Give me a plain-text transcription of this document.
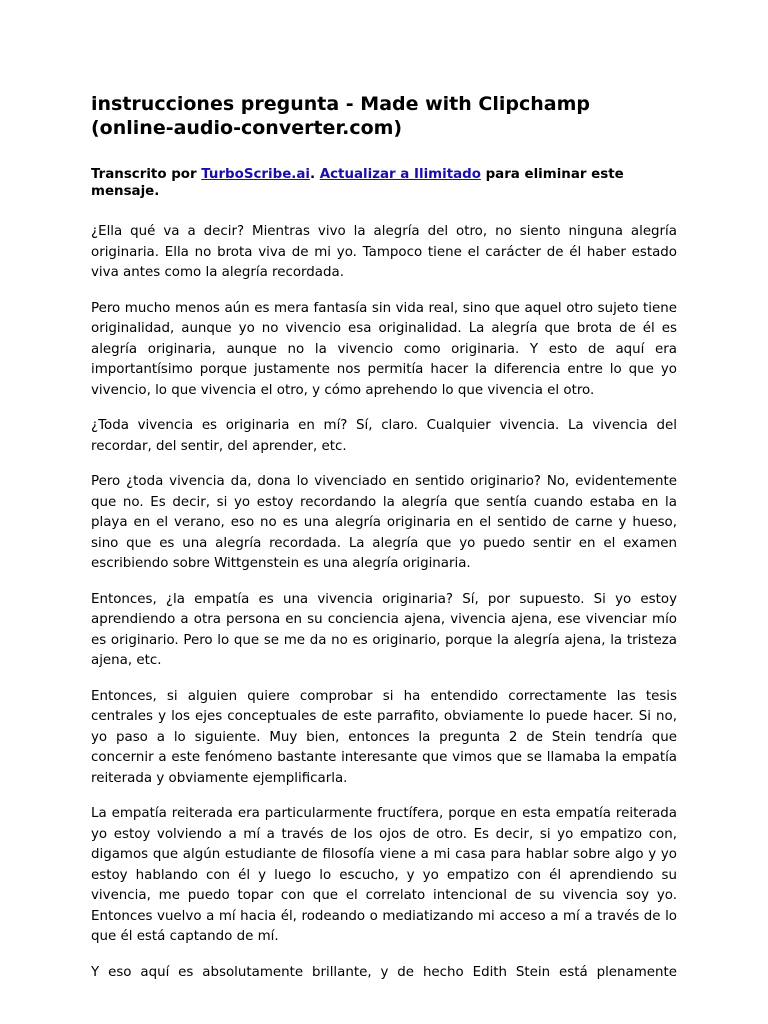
instrucciones pregunta - Made with Clipchamp (online-audio-converter.com)

Transcrito por TurboScribe.ai. Actualizar a Ilimitado para eliminar este mensaje.

¿Ella qué va a decir? Mientras vivo la alegría del otro, no siento ninguna alegría originaria. Ella no brota viva de mi yo. Tampoco tiene el carácter de él haber estado viva antes como la alegría recordada.

Pero mucho menos aún es mera fantasía sin vida real, sino que aquel otro sujeto tiene originalidad, aunque yo no vivencio esa originalidad. La alegría que brota de él es alegría originaria, aunque no la vivencio como originaria. Y esto de aquí era importantísimo porque justamente nos permitía hacer la diferencia entre lo que yo vivencio, lo que vivencia el otro, y cómo aprehendo lo que vivencia el otro.

¿Toda vivencia es originaria en mí? Sí, claro. Cualquier vivencia. La vivencia del recordar, del sentir, del aprender, etc.

Pero ¿toda vivencia da, dona lo vivenciado en sentido originario? No, evidentemente que no. Es decir, si yo estoy recordando la alegría que sentía cuando estaba en la playa en el verano, eso no es una alegría originaria en el sentido de carne y hueso, sino que es una alegría recordada. La alegría que yo puedo sentir en el examen escribiendo sobre Wittgenstein es una alegría originaria.

Entonces, ¿la empatía es una vivencia originaria? Sí, por supuesto. Si yo estoy aprendiendo a otra persona en su conciencia ajena, vivencia ajena, ese vivenciar mío es originario. Pero lo que se me da no es originario, porque la alegría ajena, la tristeza ajena, etc.

Entonces, si alguien quiere comprobar si ha entendido correctamente las tesis centrales y los ejes conceptuales de este parrafito, obviamente lo puede hacer. Si no, yo paso a lo siguiente. Muy bien, entonces la pregunta 2 de Stein tendría que concernir a este fenómeno bastante interesante que vimos que se llamaba la empatía reiterada y obviamente ejemplificarla.

La empatía reiterada era particularmente fructífera, porque en esta empatía reiterada yo estoy volviendo a mí a través de los ojos de otro. Es decir, si yo empatizo con, digamos que algún estudiante de filosofía viene a mi casa para hablar sobre algo y yo estoy hablando con él y luego lo escucho, y yo empatizo con él aprendiendo su vivencia, me puedo topar con que el correlato intencional de su vivencia soy yo. Entonces vuelvo a mí hacia él, rodeando o mediatizando mi acceso a mí a través de lo que él está captando de mí.

Y eso aquí es absolutamente brillante, y de hecho Edith Stein está plenamente
